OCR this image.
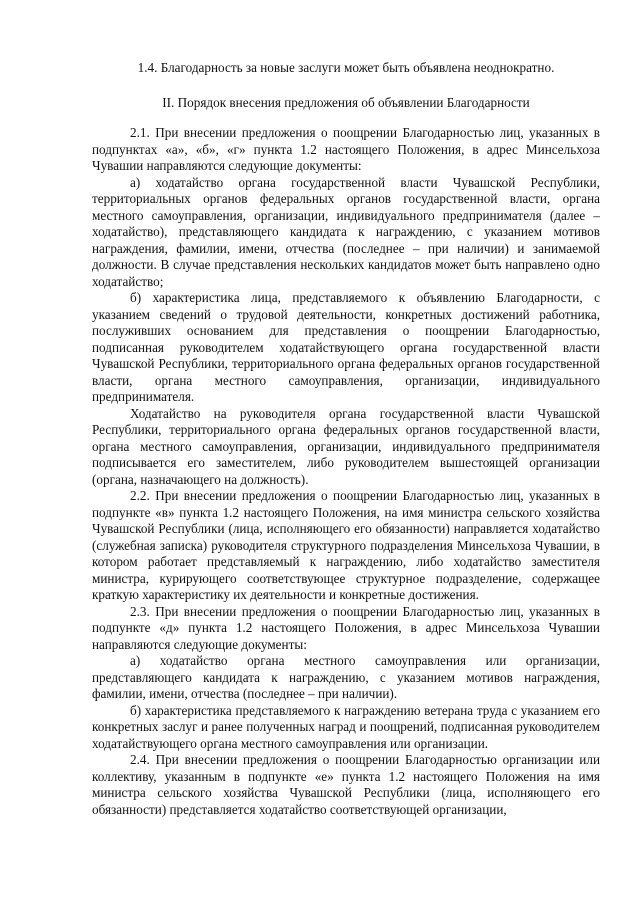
1.4. Благодарность за новые заслуги может быть объявлена неоднократно.

II. Порядок внесения предложения об объявлении Благодарности

2.1. При внесении предложения о поощрении Благодарностью лиц, указанных в подпунктах «а», «б», «г» пункта 1.2 настоящего Положения, в адрес Минсельхоза Чувашии направляются следующие документы:

а) ходатайство органа государственной власти Чувашской Республики, территориальных органов федеральных органов государственной власти, органа местного самоуправления, организации, индивидуального предпринимателя (далее – ходатайство), представляющего кандидата к награждению, с указанием мотивов награждения, фамилии, имени, отчества (последнее – при наличии) и занимаемой должности. В случае представления нескольких кандидатов может быть направлено одно ходатайство;

б) характеристика лица, представляемого к объявлению Благодарности, с указанием сведений о трудовой деятельности, конкретных достижений работника, послуживших основанием для представления о поощрении Благодарностью, подписанная руководителем ходатайствующего органа государственной власти Чувашской Республики, территориального органа федеральных органов государственной власти, органа местного самоуправления, организации, индивидуального предпринимателя.

Ходатайство на руководителя органа государственной власти Чувашской Республики, территориального органа федеральных органов государственной власти, органа местного самоуправления, организации, индивидуального предпринимателя подписывается его заместителем, либо руководителем вышестоящей организации (органа, назначающего на должность).

2.2. При внесении предложения о поощрении Благодарностью лиц, указанных в подпункте «в» пункта 1.2 настоящего Положения, на имя министра сельского хозяйства Чувашской Республики (лица, исполняющего его обязанности) направляется ходатайство (служебная записка) руководителя структурного подразделения Минсельхоза Чувашии, в котором работает представляемый к награждению, либо ходатайство заместителя министра, курирующего соответствующее структурное подразделение, содержащее краткую характеристику их деятельности и конкретные достижения.

2.3. При внесении предложения о поощрении Благодарностью лиц, указанных в подпункте «д» пункта 1.2 настоящего Положения, в адрес Минсельхоза Чувашии направляются следующие документы:

а) ходатайство органа местного самоуправления или организации, представляющего кандидата к награждению, с указанием мотивов награждения, фамилии, имени, отчества (последнее – при наличии).

б) характеристика представляемого к награждению ветерана труда с указанием его конкретных заслуг и ранее полученных наград и поощрений, подписанная руководителем ходатайствующего органа местного самоуправления или организации.

2.4. При внесении предложения о поощрении Благодарностью организации или коллективу, указанным в подпункте «е» пункта 1.2 настоящего Положения на имя министра сельского хозяйства Чувашской Республики (лица, исполняющего его обязанности) представляется ходатайство соответствующей организации,
